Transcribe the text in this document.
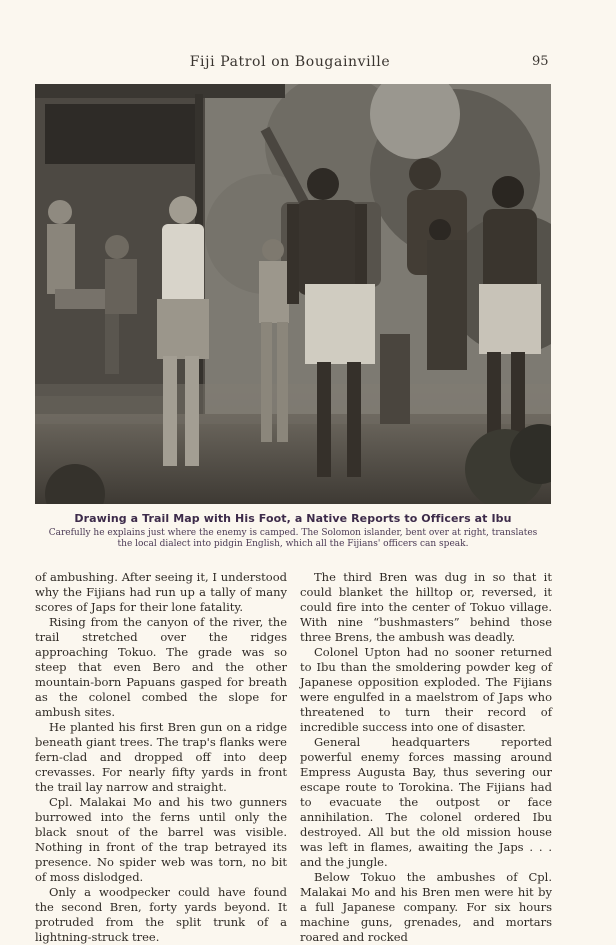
Fiji Patrol on Bougainville	95
Drawing a Trail Map with His Foot, a Native Reports to Officers at Ibu
Carefully he explains just where the enemy is camped. The Solomon islander, bent over at right, translates
the local dialect into pidgin English, which all the Fijians' officers can speak.

of ambushing. After seeing it, I understood why the Fijians had run up a tally of many scores of Japs for their lone fatality.

Rising from the canyon of the river, the trail stretched over the ridges approaching Tokuo. The grade was so steep that even Bero and the other mountain-born Papuans gasped for breath as the colonel combed the slope for ambush sites.

He planted his first Bren gun on a ridge beneath giant trees. The trap's flanks were fern-clad and dropped off into deep crevasses. For nearly fifty yards in front the trail lay narrow and straight.

Cpl. Malakai Mo and his two gunners burrowed into the ferns until only the black snout of the barrel was visible. Nothing in front of the trap betrayed its presence. No spider web was torn, no bit of moss dislodged.

Only a woodpecker could have found the second Bren, forty yards beyond. It protruded from the split trunk of a lightning-struck tree.

The third Bren was dug in so that it could blanket the hilltop or, reversed, it could fire into the center of Tokuo village. With nine “bushmasters” behind those three Brens, the ambush was deadly.

Colonel Upton had no sooner returned to Ibu than the smoldering powder keg of Japanese opposition exploded. The Fijians were engulfed in a maelstrom of Japs who threatened to turn their record of incredible success into one of disaster.

General headquarters reported powerful enemy forces massing around Empress Augusta Bay, thus severing our escape route to Torokina. The Fijians had to evacuate the outpost or face annihilation. The colonel ordered Ibu destroyed. All but the old mission house was left in flames, awaiting the Japs . . . and the jungle.

Below Tokuo the ambushes of Cpl. Malakai Mo and his Bren men were hit by a full Japanese company. For six hours machine guns, grenades, and mortars roared and rocked
